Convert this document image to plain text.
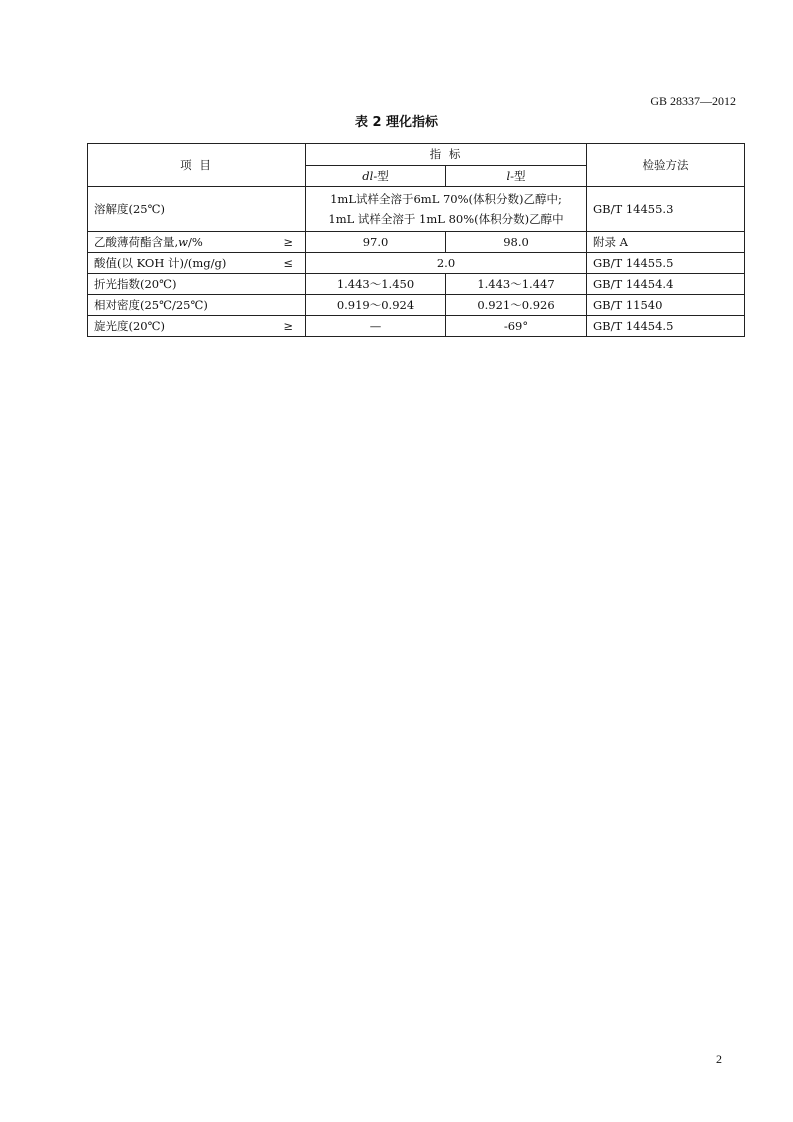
GB 28337—2012
表 2 理化指标
项 目	指 标		检验方法
	dl-型	l-型	
溶解度(25℃)	1mL试样全溶于6mL 70%(体积分数)乙醇中;
1mL 试样全溶于 1mL 80%(体积分数)乙醇中		GB/T 14455.3
乙酸薄荷酯含量,w/% ≥	97.0	98.0	附录 A
酸值(以 KOH 计)/(mg/g) ≤	2.0		GB/T 14455.5
折光指数(20℃)	1.443～1.450	1.443～1.447	GB/T 14454.4
相对密度(25℃/25℃)	0.919～0.924	0.921～0.926	GB/T 11540
旋光度(20℃) ≥	—	-69°	GB/T 14454.5
2
